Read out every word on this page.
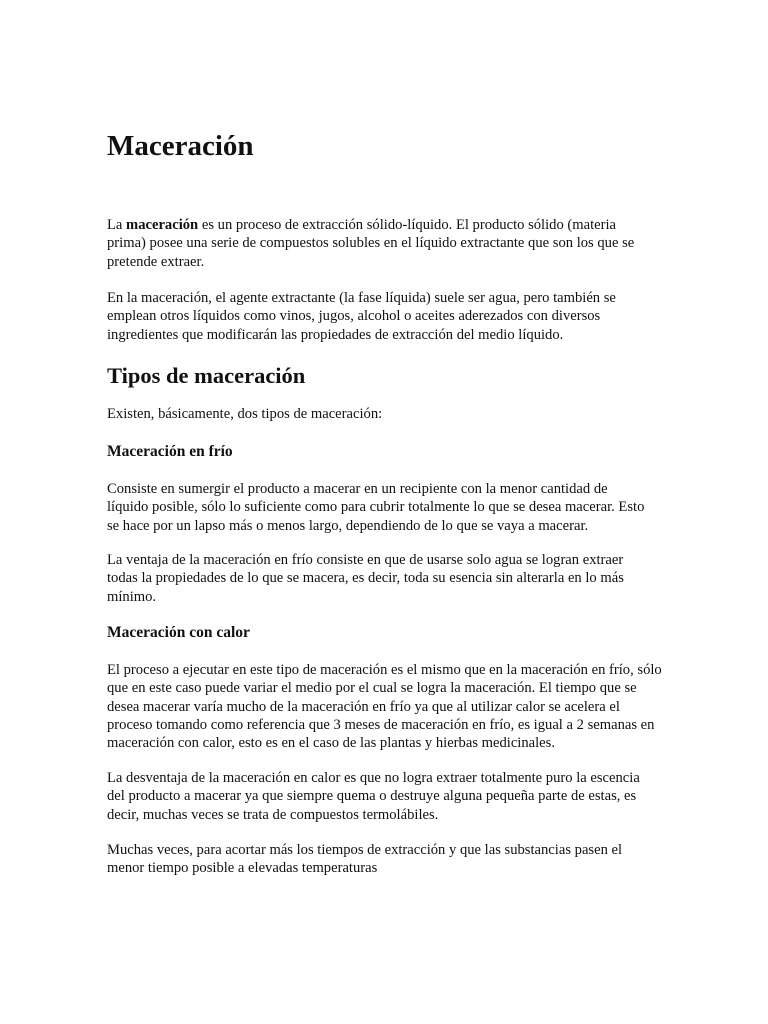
Maceración

La maceración es un proceso de extracción sólido-líquido. El producto sólido (materia prima) posee una serie de compuestos solubles en el líquido extractante que son los que se pretende extraer.

En la maceración, el agente extractante (la fase líquida) suele ser agua, pero también se emplean otros líquidos como vinos, jugos, alcohol o aceites aderezados con diversos ingredientes que modificarán las propiedades de extracción del medio líquido.

Tipos de maceración

Existen, básicamente, dos tipos de maceración:

Maceración en frío

Consiste en sumergir el producto a macerar en un recipiente con la menor cantidad de líquido posible, sólo lo suficiente como para cubrir totalmente lo que se desea macerar. Esto se hace por un lapso más o menos largo, dependiendo de lo que se vaya a macerar.

La ventaja de la maceración en frío consiste en que de usarse solo agua se logran extraer todas la propiedades de lo que se macera, es decir, toda su esencia sin alterarla en lo más mínimo.

Maceración con calor

El proceso a ejecutar en este tipo de maceración es el mismo que en la maceración en frío, sólo que en este caso puede variar el medio por el cual se logra la maceración. El tiempo que se desea macerar varía mucho de la maceración en frío ya que al utilizar calor se acelera el proceso tomando como referencia que 3 meses de maceración en frío, es igual a 2 semanas en maceración con calor, esto es en el caso de las plantas y hierbas medicinales.

La desventaja de la maceración en calor es que no logra extraer totalmente puro la escencia del producto a macerar ya que siempre quema o destruye alguna pequeña parte de estas, es decir, muchas veces se trata de compuestos termolábiles.

Muchas veces, para acortar más los tiempos de extracción y que las substancias pasen el menor tiempo posible a elevadas temperaturas
